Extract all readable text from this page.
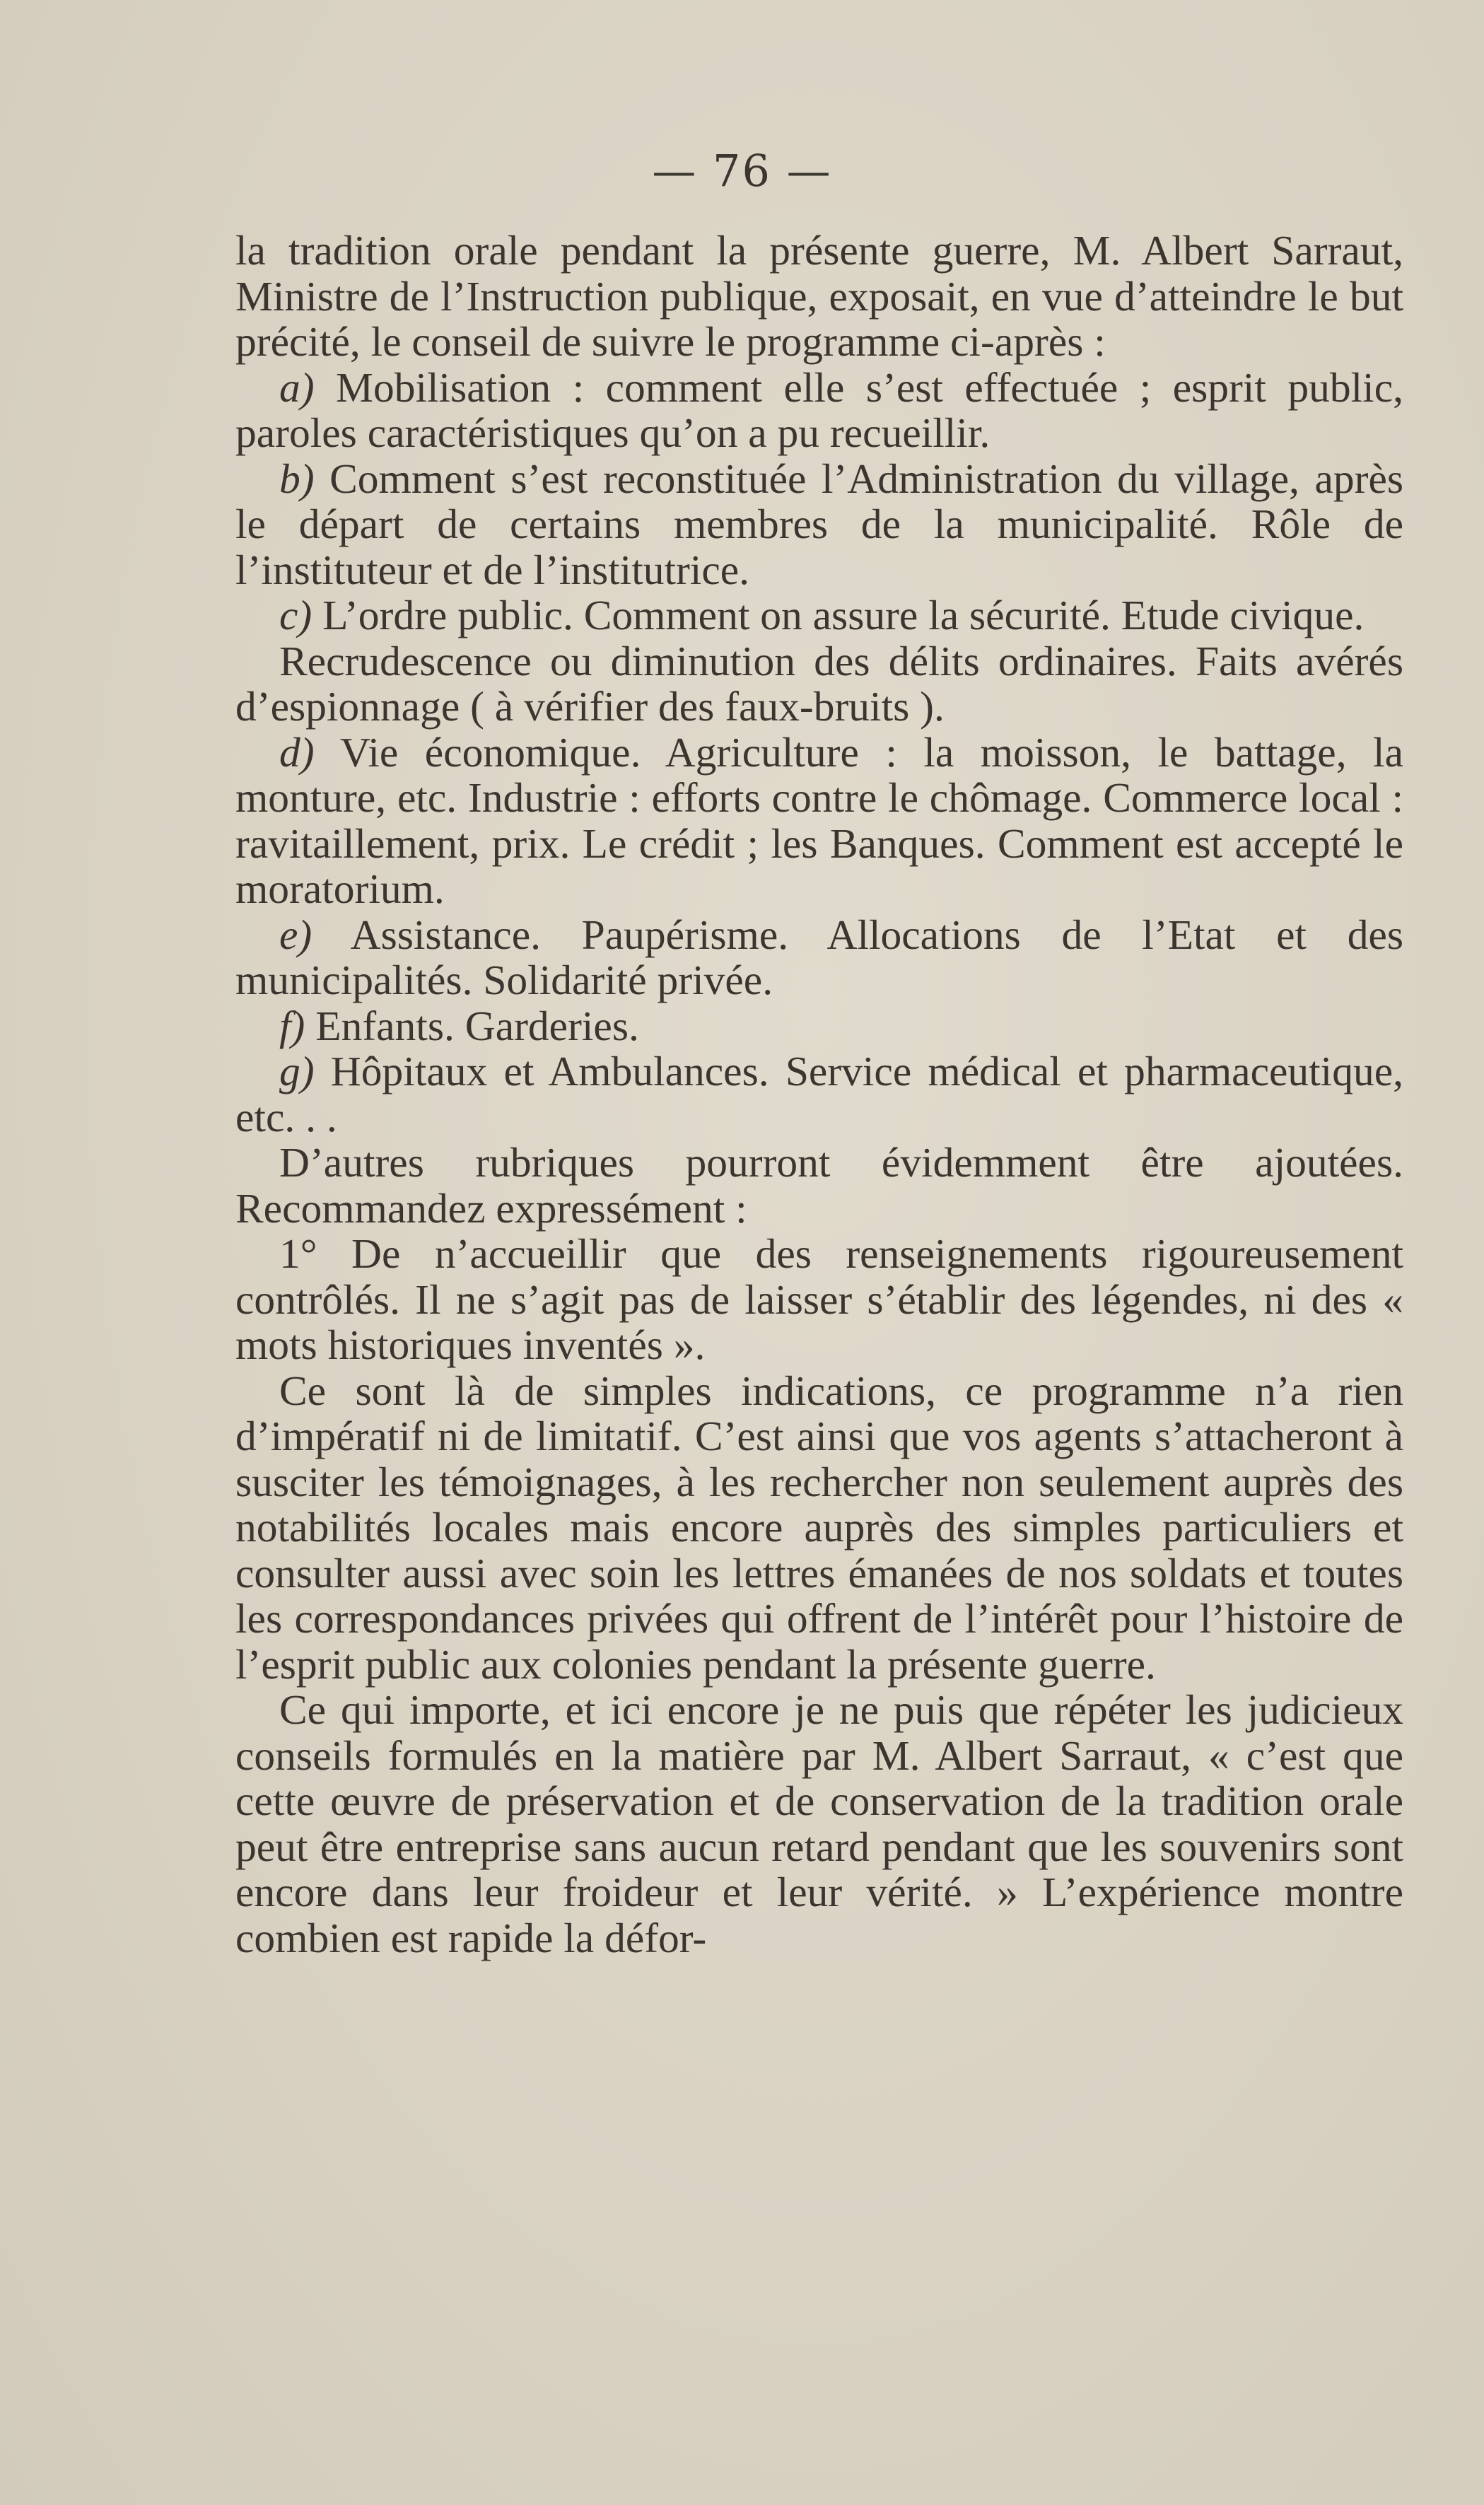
— 76 —

la tradition orale pendant la présente guerre, M. Albert Sarraut, Ministre de l’Instruction publique, exposait, en vue d’atteindre le but précité, le conseil de suivre le programme ci-après :

a) Mobilisation : comment elle s’est effectuée ; esprit public, paroles caractéristiques qu’on a pu recueillir.

b) Comment s’est reconstituée l’Administration du village, après le départ de certains membres de la municipalité. Rôle de l’instituteur et de l’institutrice.

c) L’ordre public. Comment on assure la sécurité. Etude civique.

Recrudescence ou diminution des délits ordinaires. Faits avérés d’espionnage ( à vérifier des faux-bruits ).

d) Vie économique. Agriculture : la moisson, le battage, la monture, etc. Industrie : efforts contre le chômage. Commerce local : ravitaillement, prix. Le crédit ; les Banques. Comment est accepté le moratorium.

e) Assistance. Paupérisme. Allocations de l’Etat et des municipalités. Solidarité privée.

f) Enfants. Garderies.

g) Hôpitaux et Ambulances. Service médical et pharmaceutique, etc. . .

D’autres rubriques pourront évidemment être ajoutées. Recommandez expressément :

1° De n’accueillir que des renseignements rigoureusement contrôlés. Il ne s’agit pas de laisser s’établir des légendes, ni des « mots historiques inventés ».

Ce sont là de simples indications, ce programme n’a rien d’impératif ni de limitatif. C’est ainsi que vos agents s’attacheront à susciter les témoignages, à les rechercher non seulement auprès des notabilités locales mais encore auprès des simples particuliers et consulter aussi avec soin les lettres émanées de nos soldats et toutes les correspondances privées qui offrent de l’intérêt pour l’histoire de l’esprit public aux colonies pendant la présente guerre.

Ce qui importe, et ici encore je ne puis que répéter les judicieux conseils formulés en la matière par M. Albert Sarraut, « c’est que cette œuvre de préservation et de conservation de la tradition orale peut être entreprise sans aucun retard pendant que les souvenirs sont encore dans leur froideur et leur vérité. » L’expérience montre combien est rapide la défor-
